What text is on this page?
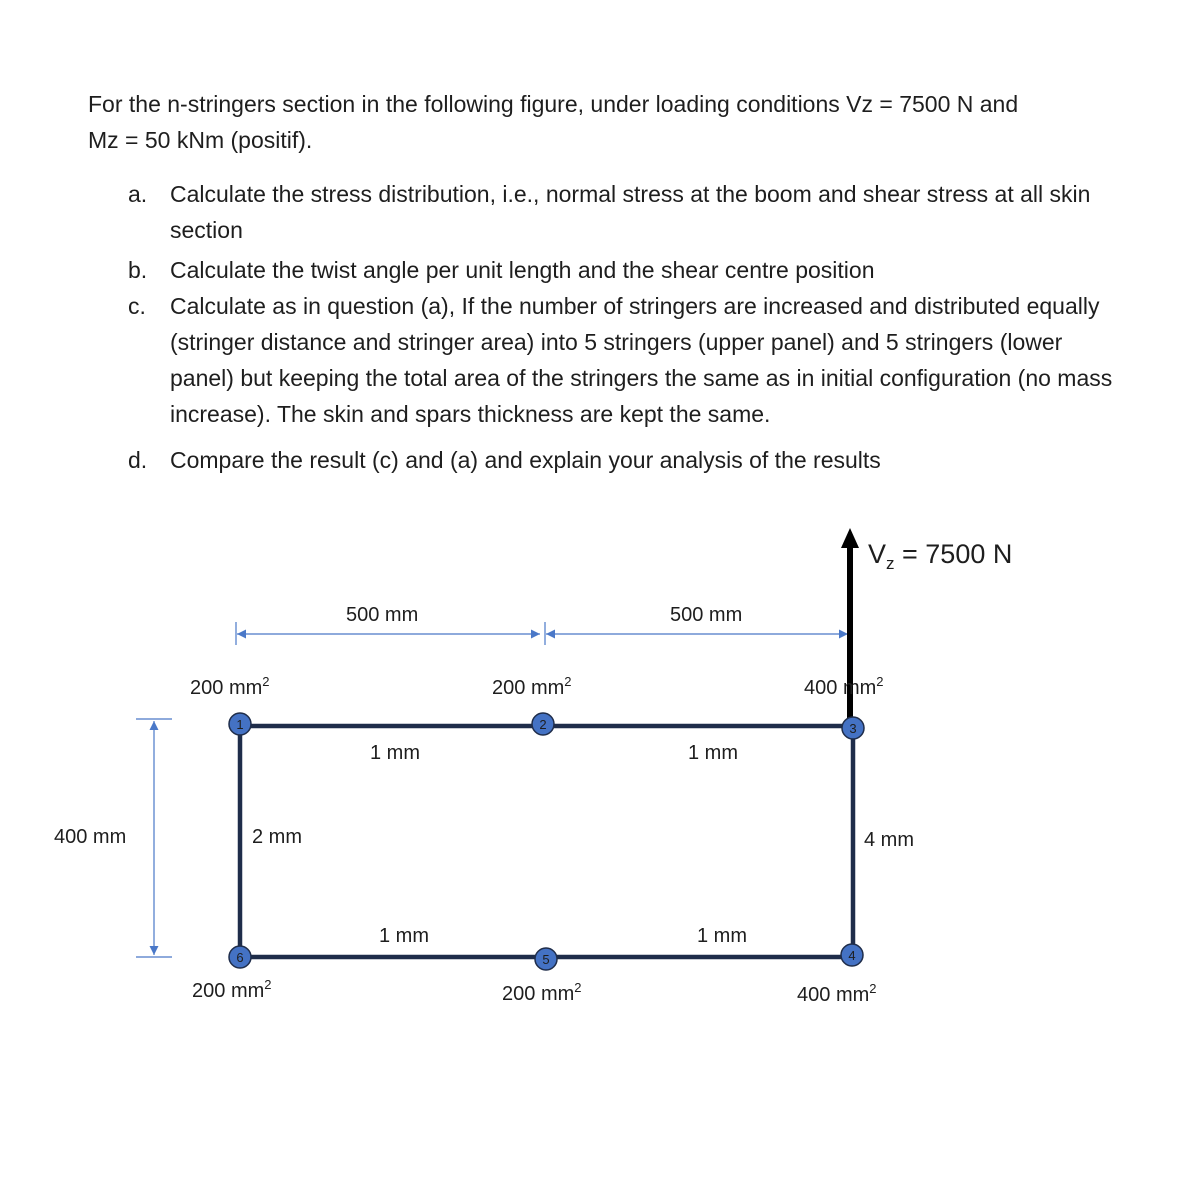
For the n-stringers section in the following figure, under loading conditions Vz = 7500 N and
Mz = 50 kNm (positif).
a. Calculate the stress distribution, i.e., normal stress at the boom and shear stress at all skin section
b. Calculate the twist angle per unit length and the shear centre position
c. Calculate as in question (a), If the number of stringers are increased and distributed equally (stringer distance and stringer area) into 5 stringers (upper panel) and 5 stringers (lower panel) but keeping the total area of the stringers the same as in initial configuration (no mass increase). The skin and spars thickness are kept the same.
d. Compare the result (c) and (a) and explain your analysis of the results
500 mm	500 mm
400 mm
$V_z = 7500$ N
1 mm	1 mm
1 mm	1 mm
2 mm	4 mm
200 $mm^2$	200 $mm^2$	400 $mm^2$
200 $mm^2$	200 $mm^2$	400 $mm^2$
1	2	3
4
5
6
